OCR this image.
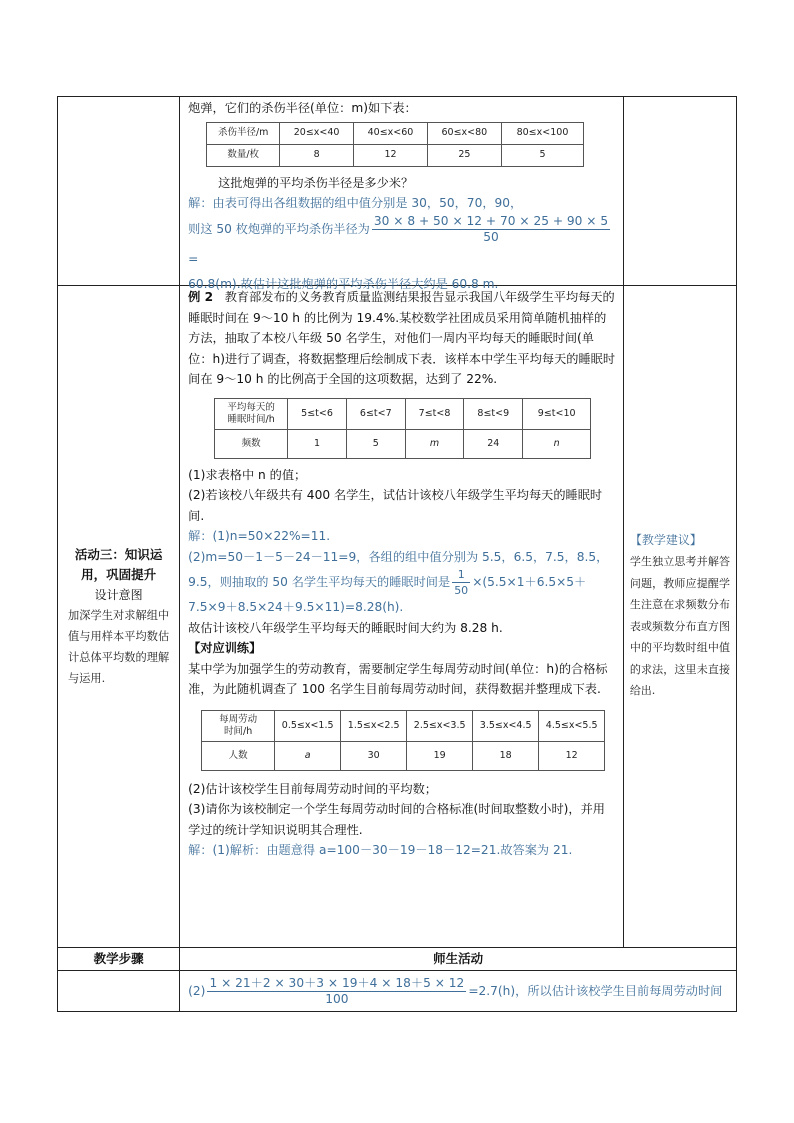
炮弹，它们的杀伤半径(单位：m)如下表：

杀伤半径/m	20≤x<40	40≤x<60	60≤x<80	80≤x<100
数量/枚	8	12	25	5

这批炮弹的平均杀伤半径是多少米？

解：由表可得出各组数据的组中值分别是 30，50，70，90，

则这 50 枚炮弹的平均杀伤半径为 $\frac{30 \times 8 + 50 \times 12 + 70 \times 25 + 90 \times 5}{50}$
=

60.8(m).故估计这批炮弹的平均杀伤半径大约是 60.8 m.

活动三：知识运用，巩固提升
设计意图
加深学生对求解组中值与用样本平均数估计总体平均数的理解与运用.

例 2 教育部发布的义务教育质量监测结果报告显示我国八年级学生平均每天的睡眠时间在 9～10 h 的比例为 19.4%.某校数学社团成员采用简单随机抽样的方法，抽取了本校八年级 50 名学生，对他们一周内平均每天的睡眠时间(单位：h)进行了调查，将数据整理后绘制成下表．该样本中学生平均每天的睡眠时间在 9～10 h 的比例高于全国的这项数据，达到了 22%.

平均每天的
睡眠时间/h	5≤t<6	6≤t<7	7≤t<8	8≤t<9	9≤t<10
频数	1	5	m	24	n

(1)求表格中 n 的值；

(2)若该校八年级共有 400 名学生，试估计该校八年级学生平均每天的睡眠时间.

解：(1)n=50×22%=11.

(2)m=50－1－5－24－11=9，各组的组中值分别为 5.5，6.5，7.5，8.5，

9.5，则抽取的 50 名学生平均每天的睡眠时间是 $\frac{1}{50} \times(5.5\times 1+6.5\times 5+$

7.5×9＋8.5×24＋9.5×11)=8.28(h).

故估计该校八年级学生平均每天的睡眠时间大约为 8.28 h.

【对应训练】

某中学为加强学生的劳动教育，需要制定学生每周劳动时间(单位：h)的合格标准，为此随机调查了 100 名学生目前每周劳动时间，获得数据并整理成下表.

每周劳动
时间/h	0.5≤x<1.5	1.5≤x<2.5	2.5≤x<3.5	3.5≤x<4.5	4.5≤x<5.5
人数	a	30	19	18	12

(2)估计该校学生目前每周劳动时间的平均数；

(3)请你为该校制定一个学生每周劳动时间的合格标准(时间取整数小时)，并用学过的统计学知识说明其合理性.

解：(1)解析：由题意得 a=100－30－19－18－12=21.故答案为 21.

【教学建议】
学生独立思考并解答问题，教师应提醒学生注意在求频数分布表或频数分布直方图中的平均数时组中值的求法，这里未直接给出.

教学步骤	师生活动

$(2) \frac{1 \times 21+2 \times 30+3 \times 19+4 \times 18+5 \times 12}{100} =2.7(h)$，所以估计该校学生目前每周劳动时间
